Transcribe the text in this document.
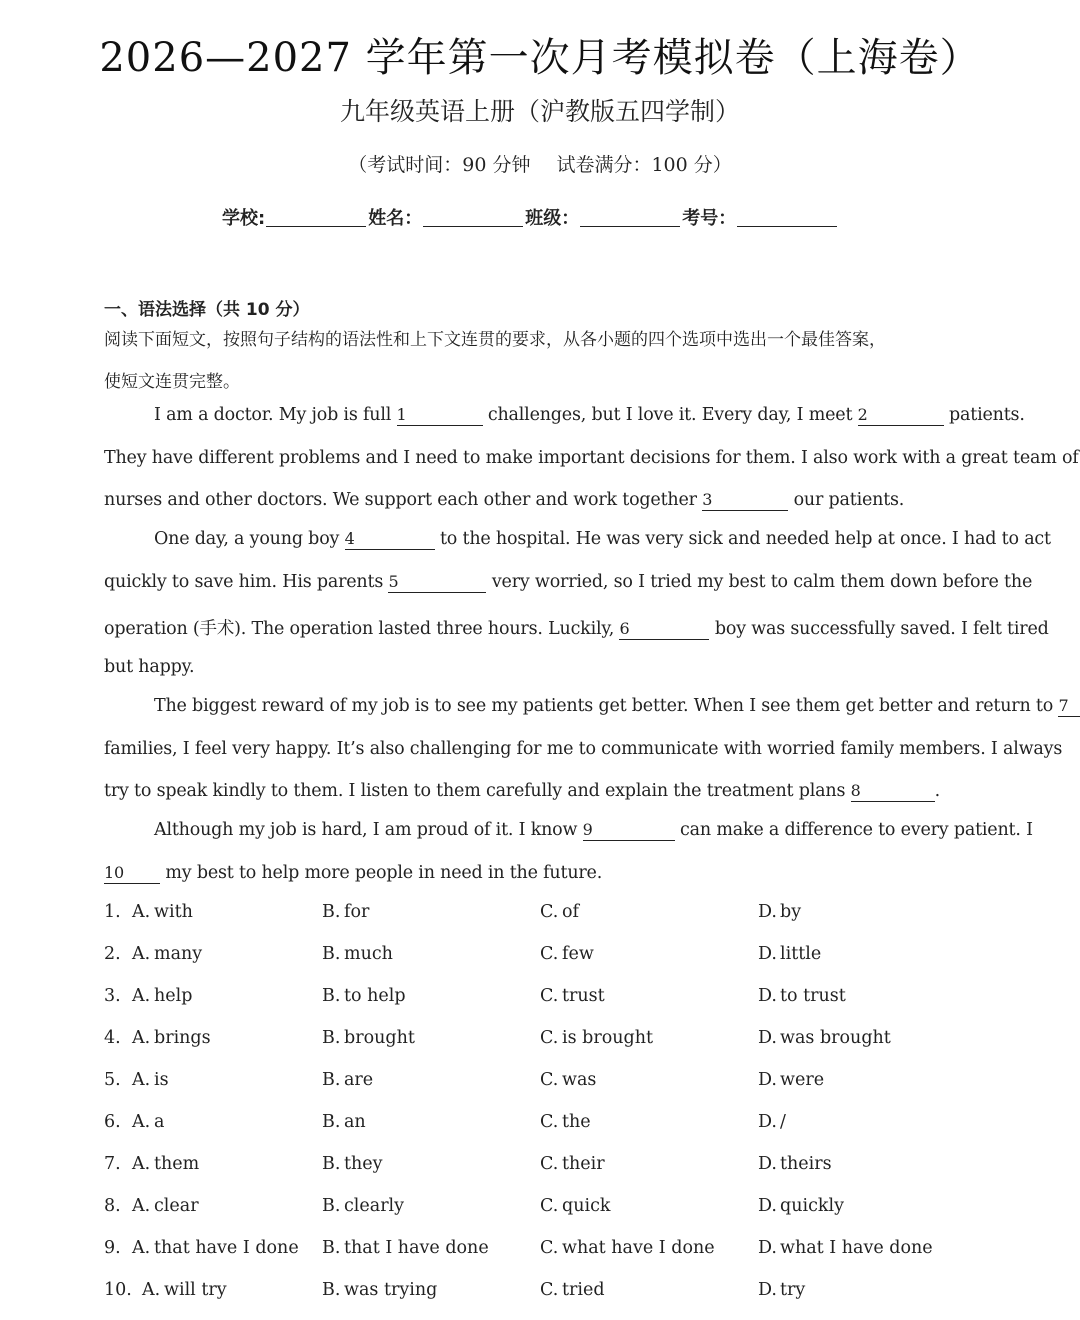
2026—2027 学年第一次月考模拟卷（上海卷）
九年级英语上册（沪教版五四学制）
（考试时间：90 分钟 试卷满分：100 分）
学校:	姓名：	班级：	考号：
一、语法选择（共 10 分）
阅读下面短文，按照句子结构的语法性和上下文连贯的要求，从各小题的四个选项中选出一个最佳答案，
使短文连贯完整。
I am a doctor. My job is full 1	challenges, but I love it. Every day, I meet 2	patients.
They have different problems and I need to make important decisions for them. I also work with a great team of
nurses and other doctors. We support each other and work together 3	our patients.
One day, a young boy 4	to the hospital. He was very sick and needed help at once. I had to act
quickly to save him. His parents 5	very worried, so I tried my best to calm them down before the
operation (手术). The operation lasted three hours. Luckily, 6	boy was successfully saved. I felt tired
but happy.
The biggest reward of my job is to see my patients get better. When I see them get better and return to 7
families, I feel very happy. It’s also challenging for me to communicate with worried family members. I always
try to speak kindly to them. I listen to them carefully and explain the treatment plans 8	.
Although my job is hard, I am proud of it. I know 9	can make a difference to every patient. I
10 my best to help more people in need in the future.
1. A. with	B. for	C. of	D. by
2. A. many	B. much	C. few	D. little
3. A. help	B. to help	C. trust	D. to trust
4. A. brings	B. brought	C. is brought	D. was brought
5. A. is	B. are	C. was	D. were
6. A. a	B. an	C. the	D. /
7. A. them	B. they	C. their	D. theirs
8. A. clear	B. clearly	C. quick	D. quickly
9. A. that have I done B. that I have done	C. what have I done D. what I have done
10. A. will try	B. was trying	C. tried	D. try
